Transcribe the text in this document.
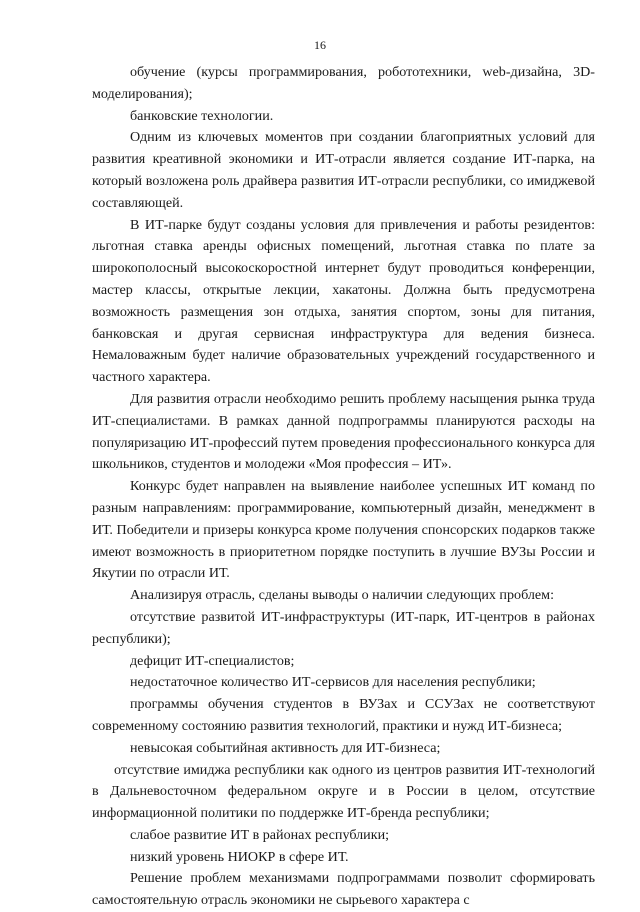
16

обучение (курсы программирования, робототехники, web-дизайна, 3D-моделирования);

банковские технологии.

Одним из ключевых моментов при создании благоприятных условий для развития креативной экономики и ИТ-отрасли является создание ИТ-парка, на который возложена роль драйвера развития ИТ-отрасли республики, со имиджевой составляющей.

В ИТ-парке будут созданы условия для привлечения и работы резидентов: льготная ставка аренды офисных помещений, льготная ставка по плате за широкополосный высокоскоростной интернет будут проводиться конференции, мастер классы, открытые лекции, хакатоны. Должна быть предусмотрена возможность размещения зон отдыха, занятия спортом, зоны для питания, банковская и другая сервисная инфраструктура для ведения бизнеса. Немаловажным будет наличие образовательных учреждений государственного и частного характера.

Для развития отрасли необходимо решить проблему насыщения рынка труда ИТ-специалистами. В рамках данной подпрограммы планируются расходы на популяризацию ИТ-профессий путем проведения профессионального конкурса для школьников, студентов и молодежи «Моя профессия – ИТ».

Конкурс будет направлен на выявление наиболее успешных ИТ команд по разным направлениям: программирование, компьютерный дизайн, менеджмент в ИТ. Победители и призеры конкурса кроме получения спонсорских подарков также имеют возможность в приоритетном порядке поступить в лучшие ВУЗы России и Якутии по отрасли ИТ.

Анализируя отрасль, сделаны выводы о наличии следующих проблем:

отсутствие развитой ИТ-инфраструктуры (ИТ-парк, ИТ-центров в районах республики);

дефицит ИТ-специалистов;

недостаточное количество ИТ-сервисов для населения республики;

программы обучения студентов в ВУЗах и ССУЗах не соответствуют современному состоянию развития технологий, практики и нужд ИТ-бизнеса;

невысокая событийная активность для ИТ-бизнеса;

отсутствие имиджа республики как одного из центров развития ИТ-технологий в Дальневосточном федеральном округе и в России в целом, отсутствие информационной политики по поддержке ИТ-бренда республики;

слабое развитие ИТ в районах республики;

низкий уровень НИОКР в сфере ИТ.

Решение проблем механизмами подпрограммами позволит сформировать самостоятельную отрасль экономики не сырьевого характера с
